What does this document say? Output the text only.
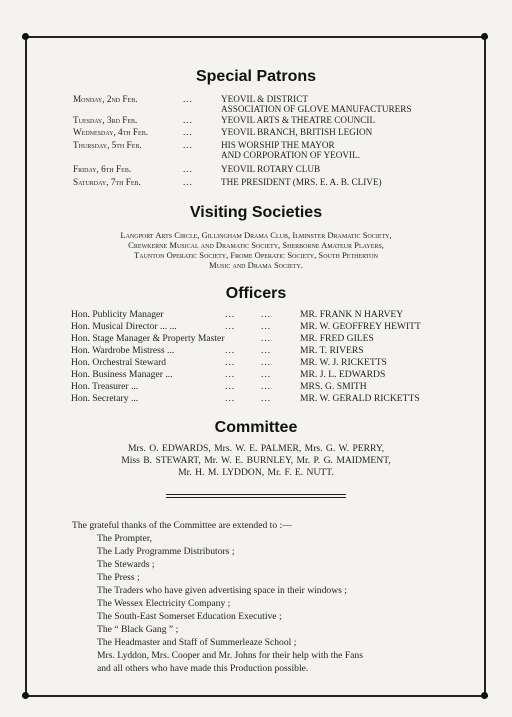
Special Patrons
Monday, 2nd Feb.	...	YEOVIL & DISTRICT
ASSOCIATION OF GLOVE MANUFACTURERS
Tuesday, 3rd Feb.	...	YEOVIL ARTS & THEATRE COUNCIL
Wednesday, 4th Feb.	...	YEOVIL BRANCH, BRITISH LEGION
Thursday, 5th Feb.	...	HIS WORSHIP THE MAYOR
AND CORPORATION OF YEOVIL.
Friday, 6th Feb.	...	YEOVIL ROTARY CLUB
Saturday, 7th Feb.	...	THE PRESIDENT (MRS. E. A. B. CLIVE)
Visiting Societies
Langport Arts Circle, Gillingham Drama Club, Ilminster Dramatic Society,
Crewkerne Musical and Dramatic Society, Sherborne Amateur Players,
Taunton Operatic Society, Frome Operatic Society, South Petherton
Music and Drama Society.
Officers
Hon. Publicity Manager	...	...	MR. FRANK N HARVEY
Hon. Musical Director ... ...	...	...	MR. W. GEOFFREY HEWITT
Hon. Stage Manager & Property Master	...	MR. FRED GILES
Hon. Wardrobe Mistress ...	...	...	MR. T. RIVERS
Hon. Orchestral Steward	...	...	MR. W. J. RICKETTS
Hon. Business Manager ...	...	...	MR. J. L. EDWARDS
Hon. Treasurer ...	...	...	MRS. G. SMITH
Hon. Secretary ...	...	...	MR. W. GERALD RICKETTS
Committee
Mrs. O. EDWARDS, Mrs. W. E. PALMER, Mrs. G. W. PERRY,
Miss B. STEWART, Mr. W. E. BURNLEY, Mr. P. G. MAIDMENT,
Mr. H. M. LYDDON, Mr. F. E. NUTT.
The grateful thanks of the Committee are extended to :—
The Prompter,
The Lady Programme Distributors ;
The Stewards ;
The Press ;
The Traders who have given advertising space in their windows ;
The Wessex Electricity Company ;
The South-East Somerset Education Executive ;
The “ Black Gang ” ;
The Headmaster and Staff of Summerleaze School ;
Mrs. Lyddon, Mrs. Cooper and Mr. Johns for their help with the Fans
and all others who have made this Production possible.
